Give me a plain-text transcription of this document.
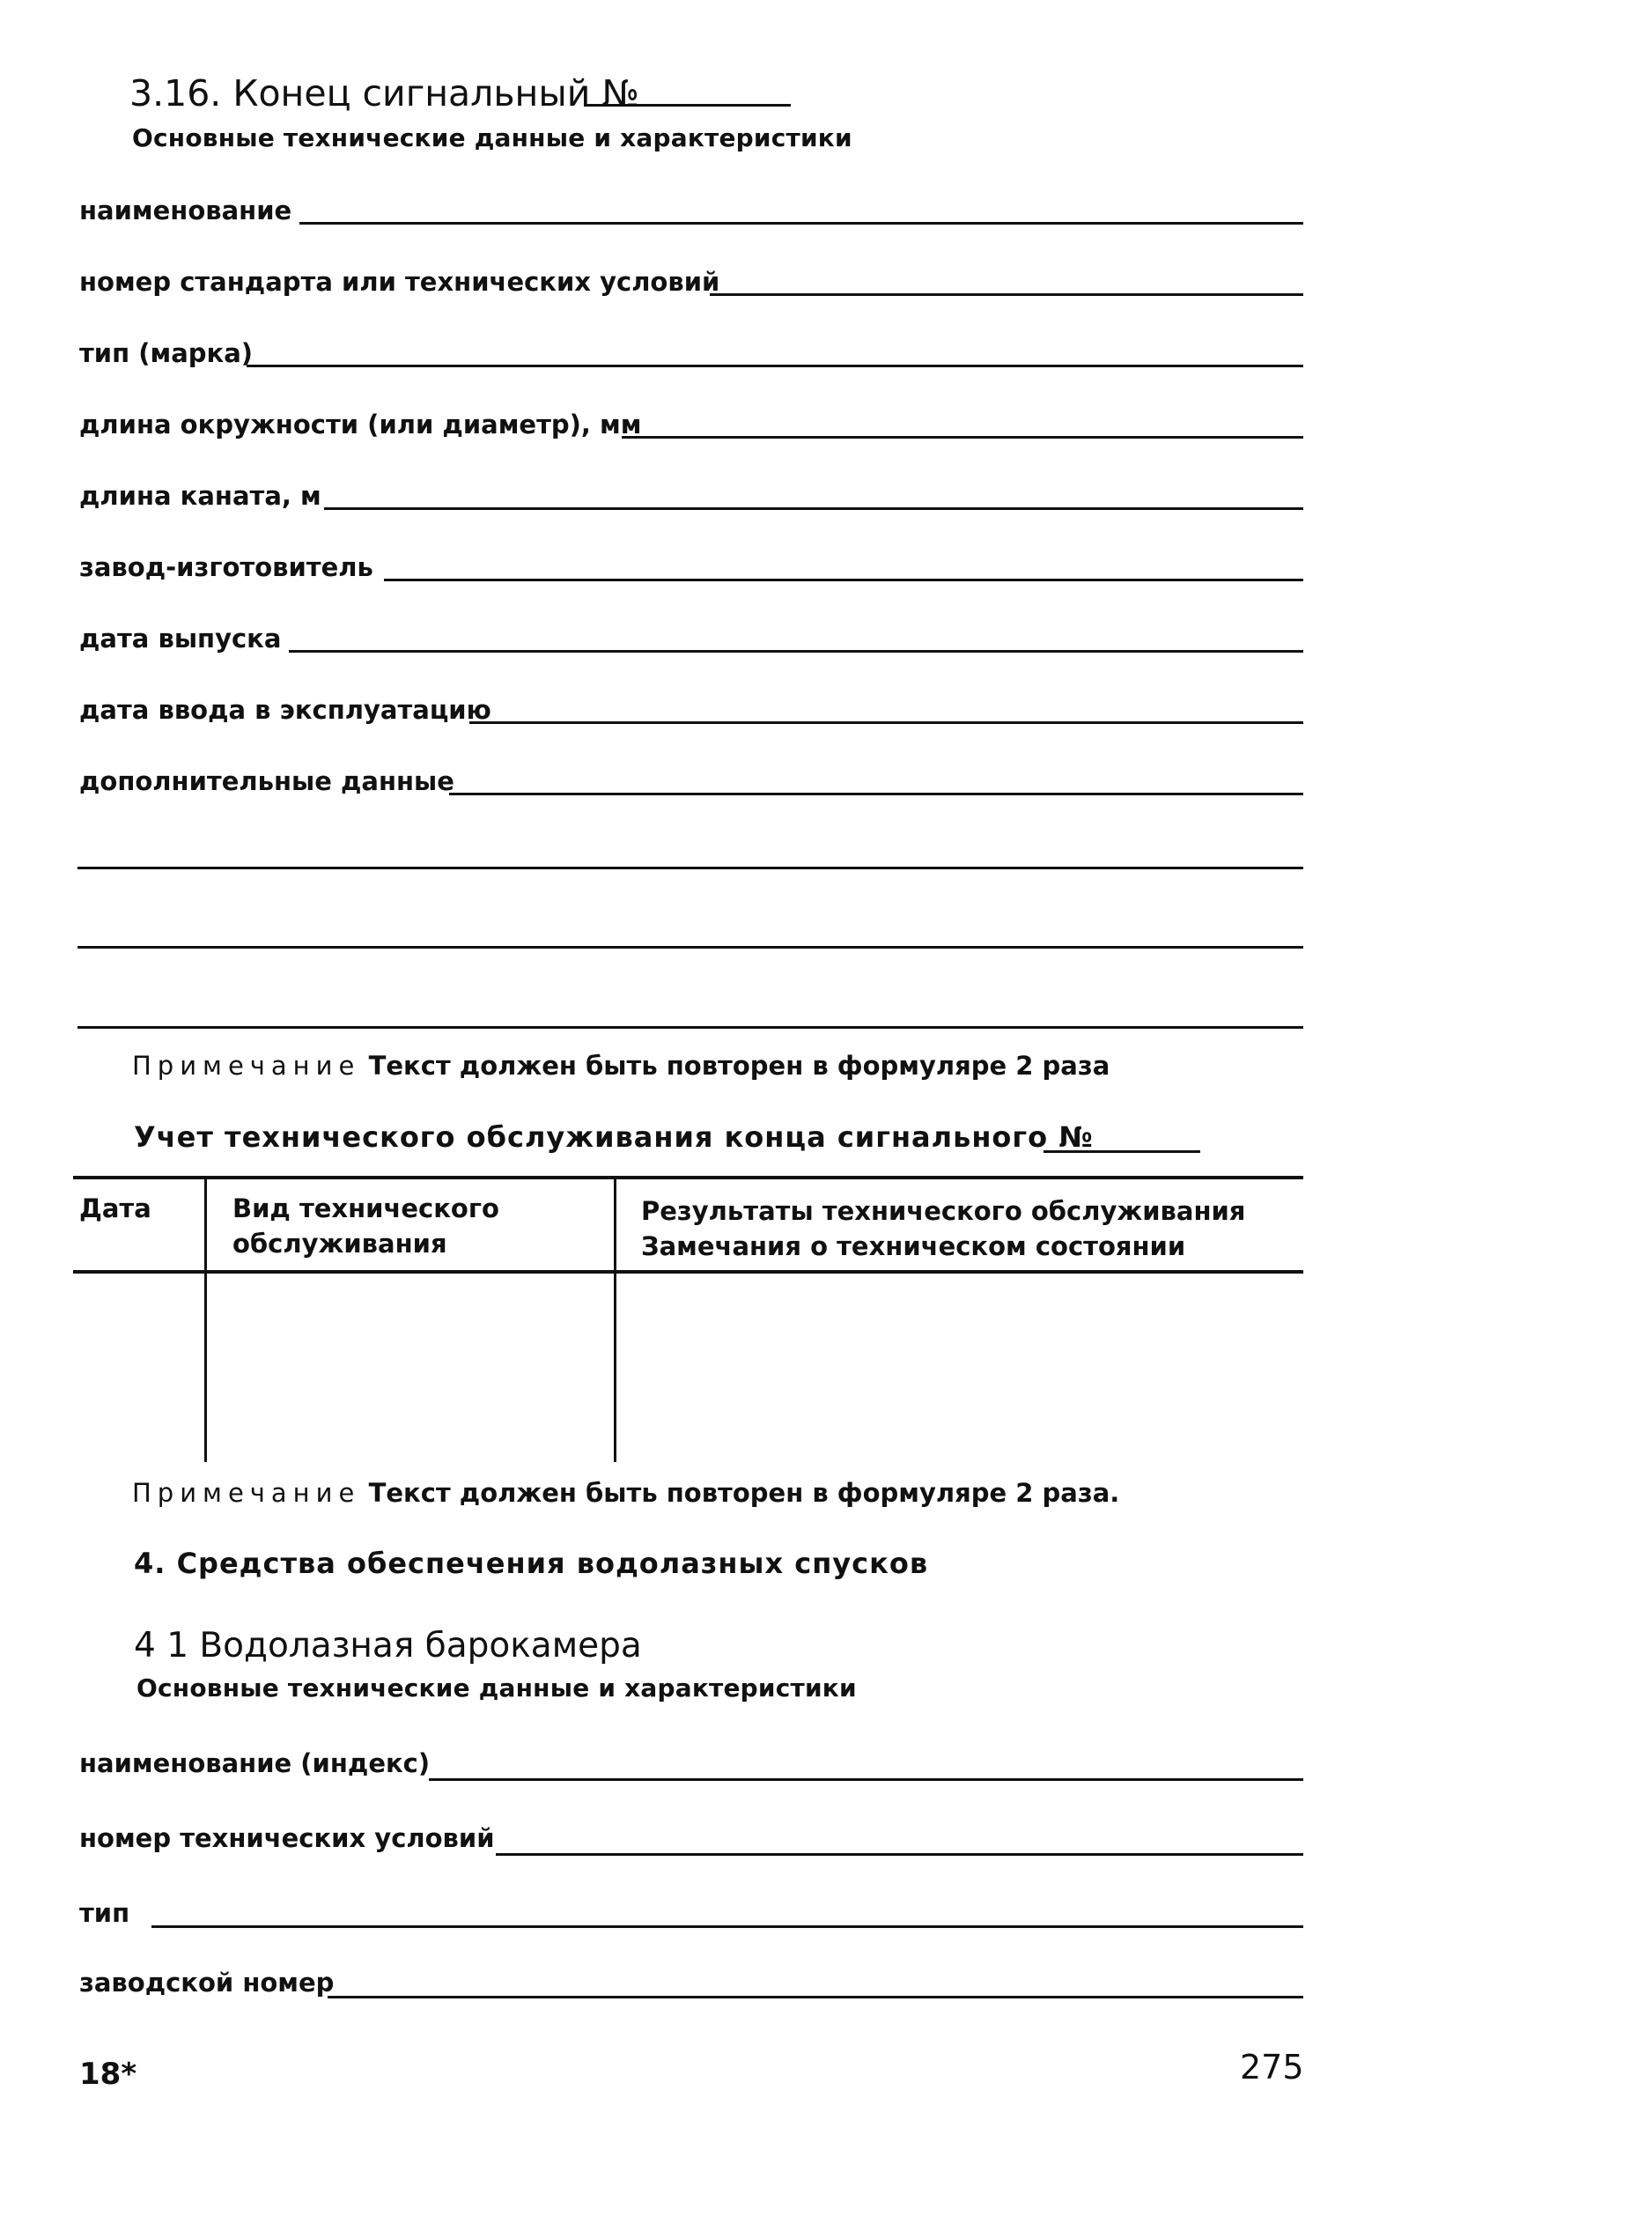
3.16. Конец сигнальный №
Основные технические данные и характеристики
наименование
номер стандарта или технических условий
тип (марка)
длина окружности (или диаметр), мм
длина каната, м
завод-изготовитель
дата выпуска
дата ввода в эксплуатацию
дополнительные данные
Примечание Текст должен быть повторен в формуляре 2 раза
Учет технического обслуживания конца сигнального №
Дата	Вид технического
обслуживания
Результаты технического обслуживания
Замечания о техническом состоянии
Примечание Текст должен быть повторен в формуляре 2 раза.
4. Средства обеспечения водолазных спусков
4 1 Водолазная барокамера
Основные технические данные и характеристики
наименование (индекс)
номер технических условий
тип
заводской номер
18*	275
